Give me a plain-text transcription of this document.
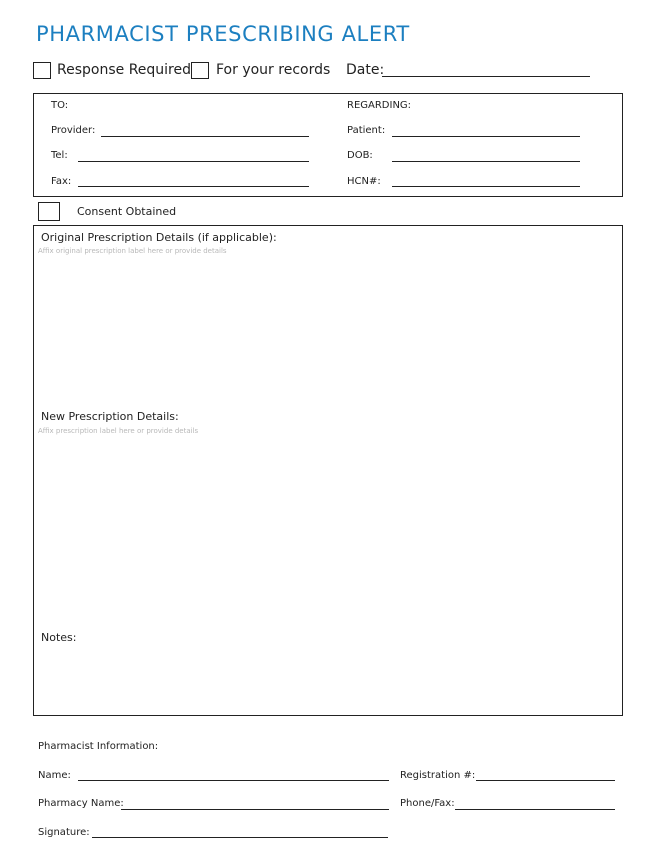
PHARMACIST PRESCRIBING ALERT
Response Required For your records Date:
TO:
Provider:
Tel:
Fax:
REGARDING:
Patient:
DOB:
HCN#:
Consent Obtained
Original Prescription Details (if applicable):
Affix original prescription label here or provide details
New Prescription Details:
Affix prescription label here or provide details
Notes:
Pharmacist Information:
Name:	Registration #:
Pharmacy Name:	Phone/Fax:
Signature:
